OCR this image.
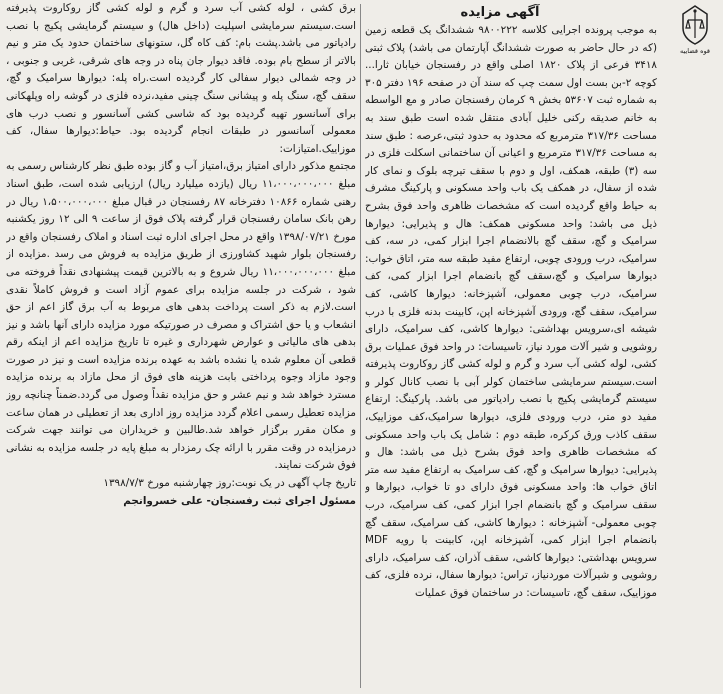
قوه قضاییه
آگهی مزایده

به موجب پرونده اجرایی کلاسه ۹۸۰۰۲۲۲ ششدانگ یک قطعه زمین (که در حال حاضر به صورت ششدانگ آپارتمان می باشد) پلاک ثبتی ۳۴۱۸ فرعی از پلاک ۱۸۲۰ اصلی واقع در رفسنجان خیابان ثارا... کوچه ۲-بن بست اول سمت چپ که سند آن در صفحه ۱۹۶ دفتر ۳۰۵ به شماره ثبت ۵۳۶۰۷ بخش ۹ کرمان رفسنجان صادر و مع الواسطه به خانم صدیقه رکنی خلیل آبادی منتقل شده است طبق سند به مساحت ۳۱۷/۳۶ مترمربع که محدود به حدود ثبتی،عرصه : طبق سند به مساحت ۳۱۷/۳۶ مترمربع و اعیانی آن ساختمانی اسکلت فلزی در سه (۳) طبقه، همکف، اول و دوم با سقف تیرچه بلوک و نمای کار شده از سفال، در همکف یک باب واحد مسکونی و پارکینگ مشرف به حیاط واقع گردیده است که مشخصات ظاهری واحد فوق بشرح ذیل می باشد: واحد مسکونی همکف: هال و پذیرایی: دیوارها سرامیک و گچ، سقف گچ بالانضمام اجرا ابزار کمی، در سه، کف سرامیک، درب ورودی چوبی، ارتفاع مفید طبقه سه متر، اتاق خواب: دیوارها سرامیک و گچ،سقف گچ بانضمام اجرا ابزار کمی، کف سرامیک، درب چوبی معمولی، آشپزخانه: دیوارها کاشی، کف سرامیک، سقف گچ، ورودی آشپزخانه اپن، کابینت بدنه فلزی با درب شیشه ای،سرویس بهداشتی: دیوارها کاشی، کف سرامیک، دارای روشویی و شیر آلات مورد نیاز، تاسیسات: در واحد فوق عملیات برق کشی، لوله کشی آب سرد و گرم و لوله کشی گاز روکاروت پذیرفته است.سیستم سرمایشی ساختمان کولر آبی با نصب کانال کولر و سیستم گرمایشی پکیج با نصب رادیاتور می باشد. پارکینگ: ارتفاع مفید دو متر، درب ورودی فلزی، دیوارها سرامیک،کف موزاییک، سقف کاذب ورق کرکره، طبقه دوم : شامل یک باب واحد مسکونی که مشخصات ظاهری واحد فوق بشرح ذیل می باشد: هال و پذیرایی: دیوارها سرامیک و گچ، کف سرامیک به ارتفاع مفید سه متر اتاق خواب ها: واحد مسکونی فوق دارای دو تا خواب، دیوارها و سقف سرامیک و گچ بانضمام اجرا ابزار کمی، کف سرامیک، درب چوبی معمولی- آشپزخانه : دیوارها کاشی، کف سرامیک، سقف گچ بانضمام اجرا ابزار کمی، آشپزخانه اپن، کابینت با رویه MDF سرویس بهداشتی: دیوارها کاشی، سقف آذران، کف سرامیک، دارای روشویی و شیرآلات موردنیاز، تراس: دیوارها سفال، نرده فلزی، کف موزاییک، سقف گچ، تاسیسات: در ساختمان فوق عملیات

برق کشی ، لوله کشی آب سرد و گرم و لوله کشی گاز روکاروت پذیرفته است.سیستم سرمایشی اسپلیت (داخل هال) و سیستم گرمایشی پکیج با نصب رادیاتور می باشد.پشت بام: کف کاه گل، ستونهای ساختمان حدود یک متر و نیم بالاتر از سطح بام بوده. فاقد دیوار جان پناه در وجه های شرقی، غربی و جنوبی ، در وجه شمالی دیوار سفالی کار گردیده است.راه پله: دیوارها سرامیک و گچ، سقف گچ، سنگ پله و پیشانی سنگ چینی مفید،نرده فلزی در گوشه راه وپلهکانی برای آسانسور تهیه گردیده بود که شاسی کشی آسانسور و نصب درب های معمولی آسانسور در طبقات انجام گردیده بود. حیاط:دیوارها سفال، کف موزاییک.امتیازات:

مجتمع مذکور دارای امتیاز برق،امتیاز آب و گاز بوده طبق نظر کارشناس رسمی به مبلغ ۱۱،۰۰۰،۰۰۰،۰۰۰ ریال (یازده میلیارد ریال) ارزیابی شده است، طبق اسناد رهنی شماره ۱۰۸۶۶ دفترخانه ۸۷ رفسنجان در قبال مبلغ ۱،۵۰۰،۰۰۰،۰۰۰ ریال در رهن بانک سامان رفسنجان قرار گرفته پلاک فوق از ساعت ۹ الی ۱۲ روز یکشنبه مورخ ۱۳۹۸/۰۷/۲۱ واقع در محل اجرای اداره ثبت اسناد و املاک رفسنجان واقع در رفسنجان بلوار شهید کشاورزی از طریق مزایده به فروش می رسد .مزایده از مبلغ ۱۱،۰۰۰،۰۰۰،۰۰۰ ریال شروع و به بالاترین قیمت پیشنهادی نقداً فروخته می شود ، شرکت در جلسه مزایده برای عموم آزاد است و فروش کاملاً نقدی است.لازم به ذکر است پرداخت بدهی های مربوط به آب برق گاز اعم از حق انشعاب و یا حق اشتراک و مصرف در صورتیکه مورد مزایده دارای آنها باشد و نیز بدهی های مالیاتی و عوارض شهرداری و غیره تا تاریخ مزایده اعم از اینکه رقم قطعی آن معلوم شده یا نشده باشد به عهده برنده مزایده است و نیز در صورت وجود مازاد وجوه پرداختی بابت هزینه های فوق از محل مازاد به برنده مزایده مسترد خواهد شد و نیم عشر و حق مزایده نقداً وصول می گردد.ضمناً چنانچه روز مزایده تعطیل رسمی اعلام گردد مزایده روز اداری بعد از تعطیلی در همان ساعت و مکان مقرر برگزار خواهد شد.طالبین و خریداران می توانند جهت شرکت درمزایده در وقت مقرر با ارائه چک رمزدار به مبلغ پایه در جلسه مزایده به نشانی فوق شرکت نمایند.

تاریخ چاپ آگهی در یک نوبت:روز چهارشنبه مورخ ۱۳۹۸/۷/۳

مسئول اجرای ثبت رفسنجان- علی خسروانجم
